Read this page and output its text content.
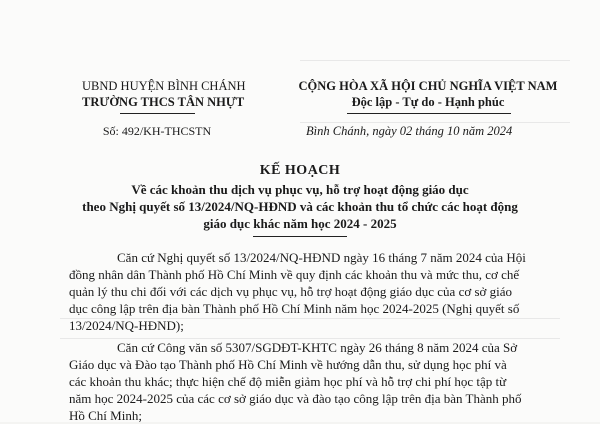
UBND HUYỆN BÌNH CHÁNH
TRƯỜNG THCS TÂN NHỰT
Số: 492/KH-THCSTN
CỘNG HÒA XÃ HỘI CHỦ NGHĨA VIỆT NAM
Độc lập - Tự do - Hạnh phúc
Bình Chánh, ngày 02 tháng 10 năm 2024
KẾ HOẠCH
Về các khoản thu dịch vụ phục vụ, hỗ trợ hoạt động giáo dục
theo Nghị quyết số 13/2024/NQ-HĐND và các khoản thu tổ chức các hoạt động
giáo dục khác năm học 2024 - 2025
Căn cứ Nghị quyết số 13/2024/NQ-HĐND ngày 16 tháng 7 năm 2024 của Hội
đồng nhân dân Thành phố Hồ Chí Minh về quy định các khoản thu và mức thu, cơ chế
quản lý thu chi đối với các dịch vụ phục vụ, hỗ trợ hoạt động giáo dục của cơ sở giáo
dục công lập trên địa bàn Thành phố Hồ Chí Minh năm học 2024-2025 (Nghị quyết số
13/2024/NQ-HĐND);
Căn cứ Công văn số 5307/SGDĐT-KHTC ngày 26 tháng 8 năm 2024 của Sở
Giáo dục và Đào tạo Thành phố Hồ Chí Minh về hướng dẫn thu, sử dụng học phí và
các khoản thu khác; thực hiện chế độ miễn giảm học phí và hỗ trợ chi phí học tập từ
năm học 2024-2025 của các cơ sở giáo dục và đào tạo công lập trên địa bàn Thành phố
Hồ Chí Minh;
